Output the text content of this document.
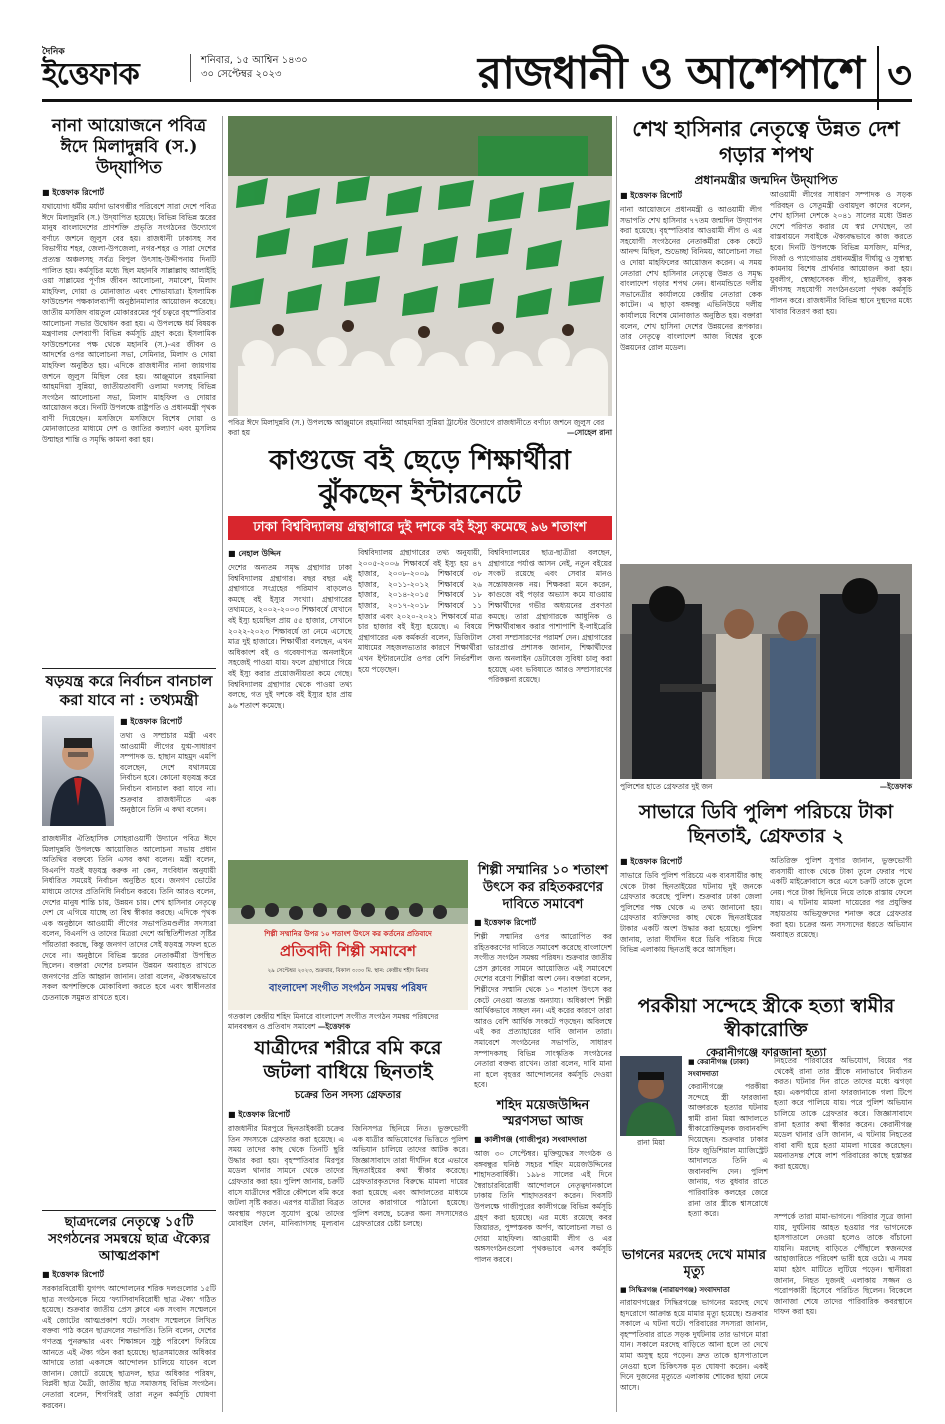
দৈনিক
ইত্তেফাক	শনিবার, ১৫ আশ্বিন ১৪৩০
৩০ সেপ্টেম্বর ২০২৩	রাজধানী ও আশেপাশে ৩
নানা আয়োজনে পবিত্র ঈদে মিলাদুন্নবি (স.) উদ্‌যাপিত
■ ইত্তেফাক রিপোর্ট
যথাযোগ্য ধর্মীয় মর্যাদা ভাবগম্ভীর পরিবেশে সারা দেশে পবিত্র ঈদে মিলাদুন্নবি (স.) উদ্‌যাপিত হয়েছে। বিভিন্ন বিভিন্ন স্তরের মানুষ বাংলাদেশের প্রাণশক্তি প্রভৃতি সংগঠনের উদ্যোগে বর্ণাঢ্য জশনে জুলুস বের হয়। রাজধানী ঢাকাসহ সব বিভাগীয় শহর, জেলা-উপজেলা, নগর-শহর ও সারা দেশের প্রত্যন্ত অঞ্চলসহ সর্বত্র বিপুল উৎসাহ-উদ্দীপনায় দিনটি পালিত হয়। কর্মসূচির মধ্যে ছিল মহানবি সাল্লাল্লাহু আলাইহি ওয়া সাল্লামের পূর্ণাঙ্গ জীবন আলোচনা, সমাবেশ, মিলাদ মাহফিল, দোয়া ও মোনাজাত এবং শোভাযাত্রা। ইসলামিক ফাউন্ডেশন পক্ষকালব্যাপী অনুষ্ঠানমালার আয়োজন করেছে। জাতীয় মসজিদ বায়তুল মোকাররমের পূর্ব চত্বরে বৃহস্পতিবার আলোচনা সভার উদ্বোধন করা হয়। এ উপলক্ষে ধর্ম বিষয়ক মন্ত্রণালয় দেশব্যাপী বিভিন্ন কর্মসূচি গ্রহণ করে। ইসলামিক ফাউন্ডেশনের পক্ষ থেকে মহানবি (স.)-এর জীবন ও আদর্শের ওপর আলোচনা সভা, সেমিনার, মিলাদ ও দোয়া মাহফিল অনুষ্ঠিত হয়। এদিকে রাজধানীর নানা জায়গায় জশনে জুলুস মিছিল বের হয়। আঞ্জুমানে রহমানিয়া আহমদিয়া সুন্নিয়া, জাতীয়তাবাদী ওলামা দলসহ বিভিন্ন সংগঠন আলোচনা সভা, মিলাদ মাহফিল ও দোয়ার আয়োজন করে। দিনটি উপলক্ষে রাষ্ট্রপতি ও প্রধানমন্ত্রী পৃথক বাণী দিয়েছেন। মসজিদে মসজিদে বিশেষ দোয়া ও মোনাজাতের মাধ্যমে দেশ ও জাতির কল্যাণ এবং মুসলিম উম্মাহর শান্তি ও সমৃদ্ধি কামনা করা হয়।
ষড়যন্ত্র করে নির্বাচন বানচাল করা যাবে না : তথ্যমন্ত্রী
■ ইত্তেফাক রিপোর্ট
তথ্য ও সম্প্রচার মন্ত্রী এবং আওয়ামী লীগের যুগ্ম-সাধারণ সম্পাদক ড. হাছান মাহমুদ এমপি বলেছেন, দেশে যথাসময়ে নির্বাচন হবে। কোনো ষড়যন্ত্র করে নির্বাচন বানচাল করা যাবে না। শুক্রবার রাজধানীতে এক অনুষ্ঠানে তিনি এ কথা বলেন।
রাজধানীর ঐতিহাসিক সোহরাওয়ার্দী উদ্যানে পবিত্র ঈদে মিলাদুন্নবি উপলক্ষে আয়োজিত আলোচনা সভায় প্রধান অতিথির বক্তব্যে তিনি এসব কথা বলেন। মন্ত্রী বলেন, বিএনপি যতই ষড়যন্ত্র করুক না কেন, সংবিধান অনুযায়ী নির্ধারিত সময়েই নির্বাচন অনুষ্ঠিত হবে। জনগণ ভোটের মাধ্যমে তাদের প্রতিনিধি নির্বাচন করবে। তিনি আরও বলেন, দেশের মানুষ শান্তি চায়, উন্নয়ন চায়। শেখ হাসিনার নেতৃত্বে দেশ যে এগিয়ে যাচ্ছে তা বিশ্ব স্বীকার করছে। এদিকে পৃথক এক অনুষ্ঠানে আওয়ামী লীগের সভাপতিমণ্ডলীর সদস্যরা বলেন, বিএনপি ও তাদের মিত্ররা দেশে অস্থিতিশীলতা সৃষ্টির পাঁয়তারা করছে, কিন্তু জনগণ তাদের সেই ষড়যন্ত্র সফল হতে দেবে না। অনুষ্ঠানে বিভিন্ন স্তরের নেতাকর্মীরা উপস্থিত ছিলেন। বক্তারা দেশের চলমান উন্নয়ন অব্যাহত রাখতে জনগণের প্রতি আহ্বান জানান। তারা বলেন, ঐক্যবদ্ধভাবে সকল অপশক্তিকে মোকাবিলা করতে হবে এবং স্বাধীনতার চেতনাকে সমুন্নত রাখতে হবে।
ছাত্রদলের নেতৃত্বে ১৫টি সংগঠনের সমন্বয়ে ছাত্র ঐক্যের আত্মপ্রকাশ
■ ইত্তেফাক রিপোর্ট
সরকারবিরোধী যুগপৎ আন্দোলনের শরিক দলগুলোর ১৫টি ছাত্র সংগঠনকে নিয়ে ‘ফ্যাসিবাদবিরোধী ছাত্র ঐক্য’ গঠিত হয়েছে। শুক্রবার জাতীয় প্রেস ক্লাবে এক সংবাদ সম্মেলনে এই জোটের আত্মপ্রকাশ ঘটে। সংবাদ সম্মেলনে লিখিত বক্তব্য পাঠ করেন ছাত্রদলের সভাপতি। তিনি বলেন, দেশের গণতন্ত্র পুনরুদ্ধার এবং শিক্ষাঙ্গনে সুষ্ঠু পরিবেশ ফিরিয়ে আনতে এই ঐক্য গঠন করা হয়েছে। ছাত্রসমাজের অধিকার আদায়ে তারা একসঙ্গে আন্দোলন চালিয়ে যাবেন বলে জানান। জোটে রয়েছে ছাত্রদল, ছাত্র অধিকার পরিষদ, বিপ্লবী ছাত্র মৈত্রী, জাতীয় ছাত্র সমাজসহ বিভিন্ন সংগঠন। নেতারা বলেন, শিগগিরই তারা নতুন কর্মসূচি ঘোষণা করবেন।
পবিত্র ঈদে মিলাদুন্নবি (স.) উপলক্ষে আঞ্জুমানে রহমানিয়া আহমদিয়া সুন্নিয়া ট্রাস্টের উদ্যোগে রাজধানীতে বর্ণাঢ্য জশনে জুলুস বের করা হয়	—সোহেল রানা
শেখ হাসিনার নেতৃত্বে উন্নত দেশ গড়ার শপথ
প্রধানমন্ত্রীর জন্মদিন উদ্‌যাপিত
■ ইত্তেফাক রিপোর্ট
নানা আয়োজনে প্রধানমন্ত্রী ও আওয়ামী লীগ সভাপতি শেখ হাসিনার ৭৭তম জন্মদিন উদ্‌যাপন করা হয়েছে। বৃহস্পতিবার আওয়ামী লীগ ও এর সহযোগী সংগঠনের নেতাকর্মীরা কেক কেটে আনন্দ মিছিল, শুভেচ্ছা বিনিময়, আলোচনা সভা ও দোয়া মাহফিলের আয়োজন করেন। এ সময় নেতারা শেখ হাসিনার নেতৃত্বে উন্নত ও সমৃদ্ধ বাংলাদেশ গড়ার শপথ নেন। ধানমন্ডিতে দলীয় সভানেত্রীর কার্যালয়ে কেন্দ্রীয় নেতারা কেক কাটেন। এ ছাড়া বঙ্গবন্ধু এভিনিউয়ে দলীয় কার্যালয়ে বিশেষ মোনাজাত অনুষ্ঠিত হয়। বক্তারা বলেন, শেখ হাসিনা দেশের উন্নয়নের রূপকার। তার নেতৃত্বে বাংলাদেশ আজ বিশ্বের বুকে উন্নয়নের রোল মডেল।
আওয়ামী লীগের সাধারণ সম্পাদক ও সড়ক পরিবহন ও সেতুমন্ত্রী ওবায়দুল কাদের বলেন, শেখ হাসিনা দেশকে ২০৪১ সালের মধ্যে উন্নত দেশে পরিণত করার যে স্বপ্ন দেখছেন, তা বাস্তবায়নে সবাইকে ঐক্যবদ্ধভাবে কাজ করতে হবে। দিনটি উপলক্ষে বিভিন্ন মসজিদ, মন্দির, গির্জা ও প্যাগোডায় প্রধানমন্ত্রীর দীর্ঘায়ু ও সুস্বাস্থ্য কামনায় বিশেষ প্রার্থনার আয়োজন করা হয়। যুবলীগ, স্বেচ্ছাসেবক লীগ, ছাত্রলীগ, কৃষক লীগসহ সহযোগী সংগঠনগুলো পৃথক কর্মসূচি পালন করে। রাজধানীর বিভিন্ন স্থানে দুস্থদের মধ্যে খাবার বিতরণ করা হয়।
কাগুজে বই ছেড়ে শিক্ষার্থীরা ঝুঁকছেন ইন্টারনেটে
ঢাকা বিশ্ববিদ্যালয় গ্রন্থাগারে দুই দশকে বই ইস্যু কমেছে ৯৬ শতাংশ
■ নেহাল উদ্দিন
দেশের অন্যতম সমৃদ্ধ গ্রন্থাগার ঢাকা বিশ্ববিদ্যালয় গ্রন্থাগার। বছর বছর এই গ্রন্থাগারে সংগ্রহের পরিমাণ বাড়লেও কমছে বই ইস্যুর সংখ্যা। গ্রন্থাগারের তথ্যমতে, ২০০২-২০০৩ শিক্ষাবর্ষে যেখানে বই ইস্যু হয়েছিল প্রায় ৫৫ হাজার, সেখানে ২০২২-২০২৩ শিক্ষাবর্ষে তা নেমে এসেছে মাত্র দুই হাজারে। শিক্ষার্থীরা বলছেন, এখন অধিকাংশ বই ও গবেষণাপত্র অনলাইনে সহজেই পাওয়া যায়। ফলে গ্রন্থাগারে গিয়ে বই ইস্যু করার প্রয়োজনীয়তা কমে গেছে। বিশ্ববিদ্যালয় গ্রন্থাগার থেকে পাওয়া তথ্য বলছে, গত দুই দশকে বই ইস্যুর হার প্রায় ৯৬ শতাংশ কমেছে।
বিশ্ববিদ্যালয় গ্রন্থাগারের তথ্য অনুযায়ী, ২০০৫-২০০৬ শিক্ষাবর্ষে বই ইস্যু হয় ৪৭ হাজার, ২০০৮-২০০৯ শিক্ষাবর্ষে ৩৮ হাজার, ২০১১-২০১২ শিক্ষাবর্ষে ২৬ হাজার, ২০১৪-২০১৫ শিক্ষাবর্ষে ১৮ হাজার, ২০১৭-২০১৮ শিক্ষাবর্ষে ১১ হাজার এবং ২০২০-২০২১ শিক্ষাবর্ষে মাত্র চার হাজার বই ইস্যু হয়েছে। এ বিষয়ে গ্রন্থাগারের এক কর্মকর্তা বলেন, ডিজিটাল মাধ্যমের সহজলভ্যতার কারণে শিক্ষার্থীরা এখন ইন্টারনেটের ওপর বেশি নির্ভরশীল হয়ে পড়েছেন।
বিশ্ববিদ্যালয়ের ছাত্র-ছাত্রীরা বলছেন, গ্রন্থাগারে পর্যাপ্ত আসন নেই, নতুন বইয়ের সংকট রয়েছে এবং সেবার মানও সন্তোষজনক নয়। শিক্ষকরা মনে করেন, কাগুজে বই পড়ার অভ্যাস কমে যাওয়ায় শিক্ষার্থীদের গভীর অধ্যয়নের প্রবণতা কমছে। তারা গ্রন্থাগারকে আধুনিক ও শিক্ষার্থীবান্ধব করার পাশাপাশি ই-লাইব্রেরি সেবা সম্প্রসারণের পরামর্শ দেন। গ্রন্থাগারের ভারপ্রাপ্ত প্রশাসক জানান, শিক্ষার্থীদের জন্য অনলাইন ডেটাবেজ সুবিধা চালু করা হয়েছে এবং ভবিষ্যতে আরও সম্প্রসারণের পরিকল্পনা রয়েছে।
পুলিশের হাতে গ্রেফতার দুই জন	—ইত্তেফাক
সাভারে ডিবি পুলিশ পরিচয়ে টাকা ছিনতাই, গ্রেফতার ২
■ ইত্তেফাক রিপোর্ট
সাভারে ডিবি পুলিশ পরিচয়ে এক ব্যবসায়ীর কাছ থেকে টাকা ছিনতাইয়ের ঘটনায় দুই জনকে গ্রেফতার করেছে পুলিশ। শুক্রবার ঢাকা জেলা পুলিশের পক্ষ থেকে এ তথ্য জানানো হয়। গ্রেফতার ব্যক্তিদের কাছ থেকে ছিনতাইয়ের টাকার একটি অংশ উদ্ধার করা হয়েছে। পুলিশ জানায়, তারা দীর্ঘদিন ধরে ডিবি পরিচয় দিয়ে বিভিন্ন এলাকায় ছিনতাই করে আসছিল।
অতিরিক্ত পুলিশ সুপার জানান, ভুক্তভোগী ব্যবসায়ী ব্যাংক থেকে টাকা তুলে ফেরার পথে একটি মাইক্রোবাসে করে এসে চক্রটি তাকে তুলে নেয়। পরে টাকা ছিনিয়ে নিয়ে তাকে রাস্তায় ফেলে যায়। এ ঘটনায় মামলা দায়েরের পর প্রযুক্তির সহায়তায় অভিযুক্তদের শনাক্ত করে গ্রেফতার করা হয়। চক্রের অন্য সদস্যদের ধরতে অভিযান অব্যাহত রয়েছে।
শিল্পী সম্মানির উপর ১০ শতাংশ উৎসে কর কর্তনের প্রতিবাদে
প্রতিবাদী শিল্পী সমাবেশ
২৯ সেপ্টেম্বর ২০২৩, শুক্রবার, বিকাল ৩:৩০ মি. স্থান: কেন্দ্রীয় শহীদ মিনার
বাংলাদেশ সংগীত সংগঠন সমন্বয় পরিষদ
গতকাল কেন্দ্রীয় শহিদ মিনারে বাংলাদেশ সংগীত সংগঠন সমন্বয় পরিষদের মানববন্ধন ও প্রতিবাদ সমাবেশ —ইত্তেফাক
শিল্পী সম্মানির ১০ শতাংশ উৎসে কর রহিতকরণের দাবিতে সমাবেশ
■ ইত্তেফাক রিপোর্ট
শিল্পী সম্মানির ওপর আরোপিত কর রহিতকরণের দাবিতে সমাবেশ করেছে বাংলাদেশ সংগীত সংগঠন সমন্বয় পরিষদ। শুক্রবার জাতীয় প্রেস ক্লাবের সামনে আয়োজিত এই সমাবেশে দেশের বরেণ্য শিল্পীরা অংশ নেন। বক্তারা বলেন, শিল্পীদের সম্মানি থেকে ১০ শতাংশ উৎসে কর কেটে নেওয়া অত্যন্ত অন্যায্য। অধিকাংশ শিল্পী আর্থিকভাবে সচ্ছল নন। এই করের কারণে তারা আরও বেশি আর্থিক সংকটে পড়ছেন। অবিলম্বে এই কর প্রত্যাহারের দাবি জানান তারা। সমাবেশে সংগঠনের সভাপতি, সাধারণ সম্পাদকসহ বিভিন্ন সাংস্কৃতিক সংগঠনের নেতারা বক্তব্য রাখেন। তারা বলেন, দাবি মানা না হলে বৃহত্তর আন্দোলনের কর্মসূচি দেওয়া হবে।
যাত্রীদের শরীরে বমি করে জটলা বাধিয়ে ছিনতাই
চক্রের তিন সদস্য গ্রেফতার
■ ইত্তেফাক রিপোর্ট
রাজধানীর মিরপুরে ছিনতাইকারী চক্রের তিন সদস্যকে গ্রেফতার করা হয়েছে। এ সময় তাদের কাছ থেকে তিনটি ছুরি উদ্ধার করা হয়। বৃহস্পতিবার মিরপুর মডেল থানার সামনে থেকে তাদের গ্রেফতার করা হয়। পুলিশ জানায়, চক্রটি বাসে যাত্রীদের শরীরে কৌশলে বমি করে জটলা সৃষ্টি করত। এরপর যাত্রীরা বিব্রত অবস্থায় পড়লে সুযোগ বুঝে তাদের মোবাইল ফোন, মানিব্যাগসহ মূল্যবান জিনিসপত্র ছিনিয়ে নিত। ভুক্তভোগী এক যাত্রীর অভিযোগের ভিত্তিতে পুলিশ অভিযান চালিয়ে তাদের আটক করে। জিজ্ঞাসাবাদে তারা দীর্ঘদিন ধরে এভাবে ছিনতাইয়ের কথা স্বীকার করেছে। গ্রেফতারকৃতদের বিরুদ্ধে মামলা দায়ের করা হয়েছে এবং আদালতের মাধ্যমে তাদের কারাগারে পাঠানো হয়েছে। পুলিশ বলছে, চক্রের অন্য সদস্যদেরও গ্রেফতারের চেষ্টা চলছে।
শহিদ ময়েজউদ্দিন স্মরণসভা আজ
■ কালীগঞ্জ (গাজীপুর) সংবাদদাতা
আজ ৩০ সেপ্টেম্বর। মুক্তিযুদ্ধের সংগঠক ও বঙ্গবন্ধুর ঘনিষ্ঠ সহচর শহিদ ময়েজউদ্দিনের শাহাদতবার্ষিকী। ১৯৮৪ সালের এই দিনে স্বৈরাচারবিরোধী আন্দোলনে নেতৃত্বদানকালে ঢাকায় তিনি শাহাদতবরণ করেন। দিবসটি উপলক্ষে গাজীপুরের কালীগঞ্জে বিভিন্ন কর্মসূচি গ্রহণ করা হয়েছে। এর মধ্যে রয়েছে কবর জিয়ারত, পুষ্পস্তবক অর্পণ, আলোচনা সভা ও দোয়া মাহফিল। আওয়ামী লীগ ও এর অঙ্গসংগঠনগুলো পৃথকভাবে এসব কর্মসূচি পালন করবে।
পরকীয়া সন্দেহে স্ত্রীকে হত্যা স্বামীর স্বীকারোক্তি
কেরানীগঞ্জে ফারজানা হত্যা
রানা মিয়া
■ কেরানীগঞ্জ (ঢাকা) সংবাদদাতা
কেরানীগঞ্জে পরকীয়া সন্দেহে স্ত্রী ফারজানা আক্তারকে হত্যার ঘটনায় স্বামী রানা মিয়া আদালতে স্বীকারোক্তিমূলক জবানবন্দি দিয়েছেন। শুক্রবার ঢাকার চিফ জুডিশিয়াল ম্যাজিস্ট্রেট আদালতে তিনি এ জবানবন্দি দেন। পুলিশ জানায়, গত বুধবার রাতে পারিবারিক কলহের জেরে রানা তার স্ত্রীকে শ্বাসরোধে হত্যা করে।
নিহতের পরিবারের অভিযোগ, বিয়ের পর থেকেই রানা তার স্ত্রীকে নানাভাবে নির্যাতন করত। ঘটনার দিন রাতে তাদের মধ্যে ঝগড়া হয়। একপর্যায়ে রানা ফারজানাকে গলা টিপে হত্যা করে পালিয়ে যায়। পরে পুলিশ অভিযান চালিয়ে তাকে গ্রেফতার করে। জিজ্ঞাসাবাদে রানা হত্যার কথা স্বীকার করেন। কেরানীগঞ্জ মডেল থানার ওসি জানান, এ ঘটনায় নিহতের বাবা বাদী হয়ে হত্যা মামলা দায়ের করেছেন। ময়নাতদন্ত শেষে লাশ পরিবারের কাছে হস্তান্তর করা হয়েছে।
ভাগনের মরদেহ দেখে মামার মৃত্যু
■ সিদ্ধিরগঞ্জ (নারায়ণগঞ্জ) সংবাদদাতা
নারায়ণগঞ্জের সিদ্ধিরগঞ্জে ভাগনের মরদেহ দেখে হৃদরোগে আক্রান্ত হয়ে মামার মৃত্যু হয়েছে। শুক্রবার সকালে এ ঘটনা ঘটে। পরিবারের সদস্যরা জানান, বৃহস্পতিবার রাতে সড়ক দুর্ঘটনায় তার ভাগনে মারা যান। সকালে মরদেহ বাড়িতে আনা হলে তা দেখে মামা অসুস্থ হয়ে পড়েন। দ্রুত তাকে হাসপাতালে নেওয়া হলে চিকিৎসক মৃত ঘোষণা করেন। একই দিনে দুজনের মৃত্যুতে এলাকায় শোকের ছায়া নেমে আসে।
সম্পর্কে তারা মামা-ভাগনে। পরিবার সূত্রে জানা যায়, দুর্ঘটনায় আহত হওয়ার পর ভাগনেকে হাসপাতালে নেওয়া হলেও তাকে বাঁচানো যায়নি। মরদেহ বাড়িতে পৌঁছালে স্বজনদের আহাজারিতে পরিবেশ ভারী হয়ে ওঠে। এ সময় মামা হঠাৎ মাটিতে লুটিয়ে পড়েন। স্থানীয়রা জানান, নিহত দুজনই এলাকায় সজ্জন ও পরোপকারী হিসেবে পরিচিত ছিলেন। বিকেলে জানাজা শেষে তাদের পারিবারিক কবরস্থানে দাফন করা হয়।
